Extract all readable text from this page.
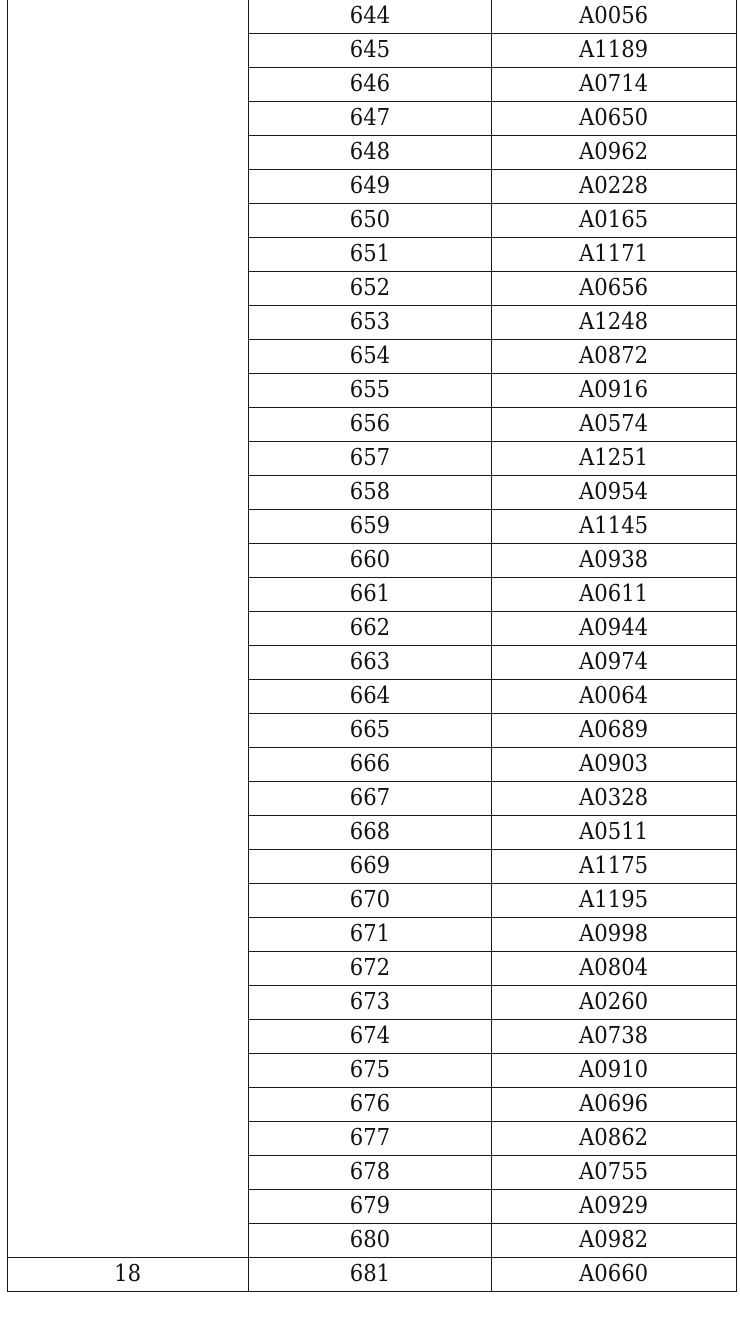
	644	A0056
	645	A1189
	646	A0714
	647	A0650
	648	A0962
	649	A0228
	650	A0165
	651	A1171
	652	A0656
	653	A1248
	654	A0872
	655	A0916
	656	A0574
	657	A1251
	658	A0954
	659	A1145
	660	A0938
	661	A0611
	662	A0944
	663	A0974
	664	A0064
	665	A0689
	666	A0903
	667	A0328
	668	A0511
	669	A1175
	670	A1195
	671	A0998
	672	A0804
	673	A0260
	674	A0738
	675	A0910
	676	A0696
	677	A0862
	678	A0755
	679	A0929
	680	A0982
18	681	A0660
